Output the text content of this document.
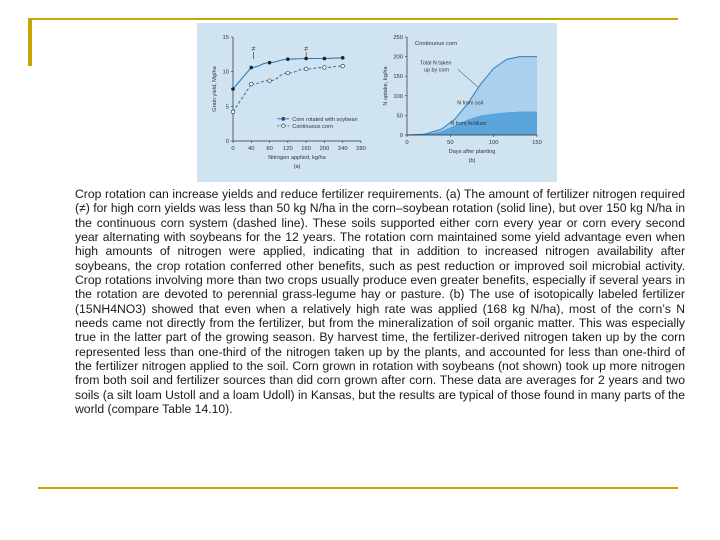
0 40 80 120 160 200 240 280
0
5
10
15
Nitrogen applied, kg/ha
Grain yield, Mg/ha
(a)
≠	≠
Corn rotated with soybean
Continuous corn
0	50	100	150
0
50
100
150
200
250
Days after planting
N uptake, kg/ha
(b)
Continuous corn
Total N taken
up by corn
N from soil
N from fertilizer

Crop rotation can increase yields and reduce fertilizer requirements. (a) The amount of fertilizer nitrogen required (≠) for high corn yields was less than 50 kg N/ha in the corn–soybean rotation (solid line), but over 150 kg N/ha in the continuous corn system (dashed line). These soils supported either corn every year or corn every second year alternating with soybeans for the 12 years. The rotation corn maintained some yield advantage even when high amounts of nitrogen were applied, indicating that in addition to increased nitrogen availability after soybeans, the crop rotation conferred other benefits, such as pest reduction or improved soil microbial activity. Crop rotations involving more than two crops usually produce even greater benefits, especially if several years in the rotation are devoted to perennial grass-legume hay or pasture. (b) The use of isotopically labeled fertilizer (15NH4NO3) showed that even when a relatively high rate was applied (168 kg N/ha), most of the corn’s N needs came not directly from the fertilizer, but from the mineralization of soil organic matter. This was especially true in the latter part of the growing season. By harvest time, the fertilizer-derived nitrogen taken up by the corn represented less than one-third of the nitrogen taken up by the plants, and accounted for less than one-third of the fertilizer nitrogen applied to the soil. Corn grown in rotation with soybeans (not shown) took up more nitrogen from both soil and fertilizer sources than did corn grown after corn. These data are averages for 2 years and two soils (a silt loam Ustoll and a loam Udoll) in Kansas, but the results are typical of those found in many parts of the world (compare Table 14.10).
